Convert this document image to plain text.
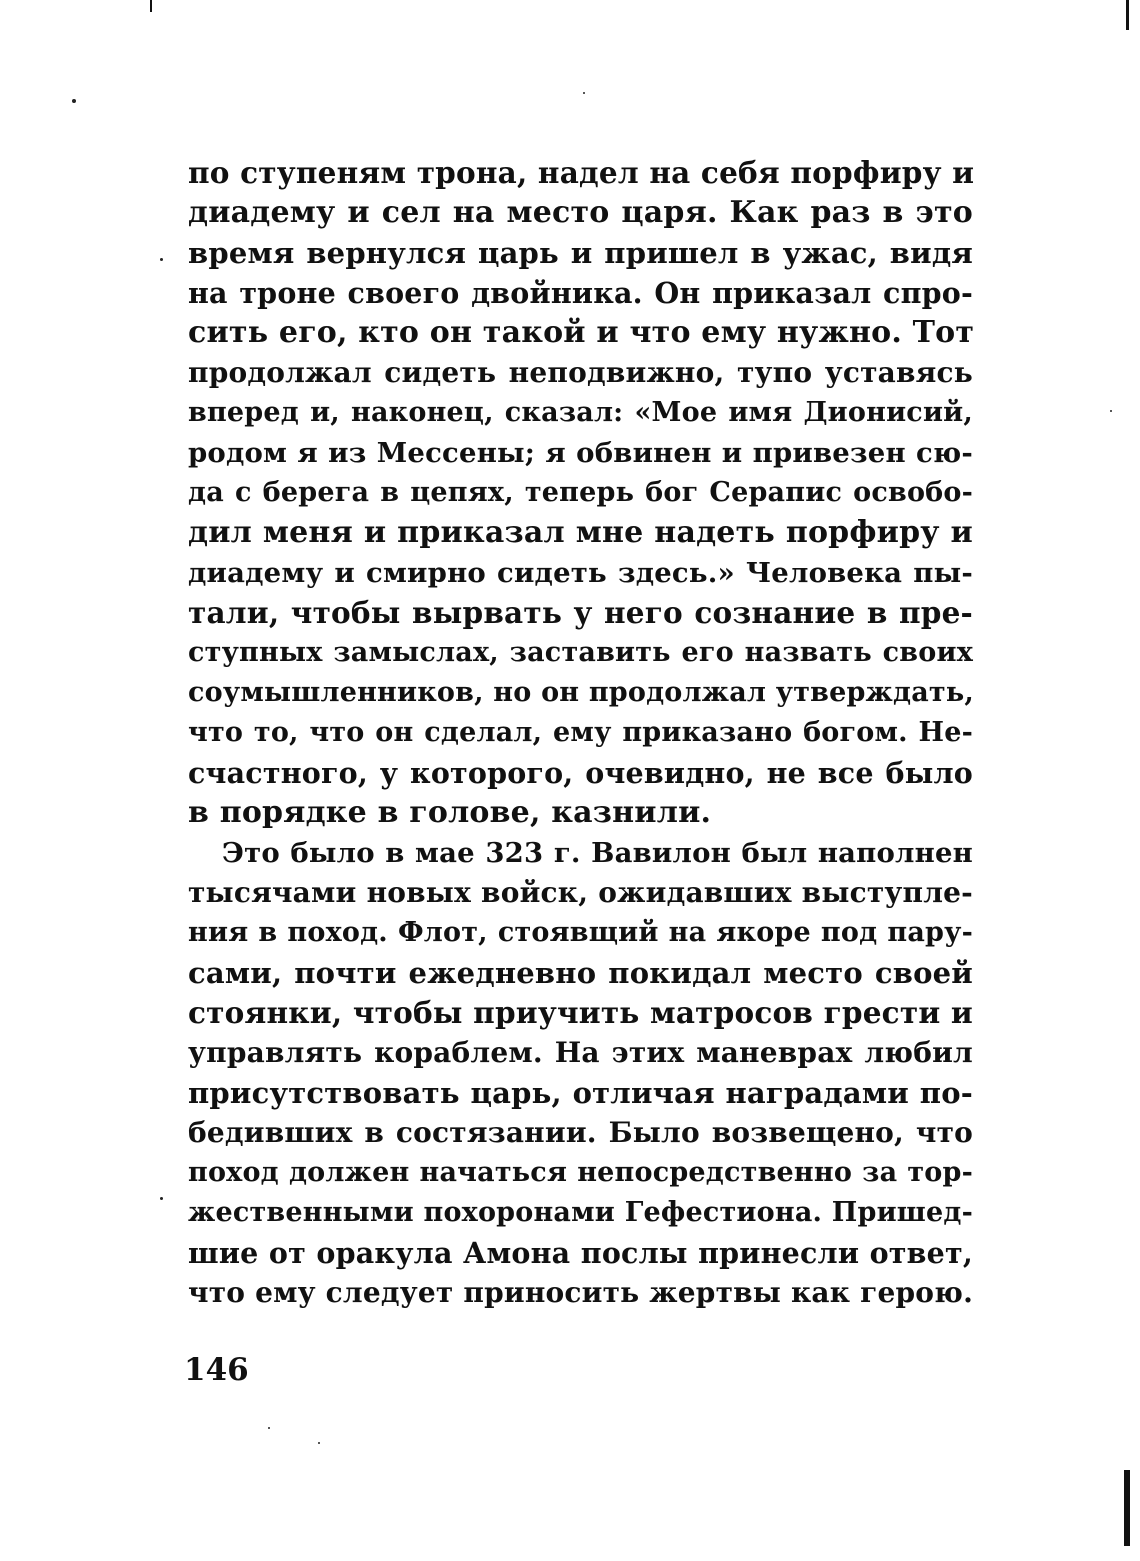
по ступеням трона, надел на себя порфиру и
диадему и сел на место царя. Как раз в это
время вернулся царь и пришел в ужас, видя
на троне своего двойника. Он приказал спро-
сить его, кто он такой и что ему нужно. Тот
продолжал сидеть неподвижно, тупо уставясь
вперед и, наконец, сказал: «Мое имя Дионисий,
родом я из Мессены; я обвинен и привезен сю-
да с берега в цепях, теперь бог Серапис освобо-
дил меня и приказал мне надеть порфиру и
диадему и смирно сидеть здесь.» Человека пы-
тали, чтобы вырвать у него сознание в пре-
ступных замыслах, заставить его назвать своих
соумышленников, но он продолжал утверждать,
что то, что он сделал, ему приказано богом. Не-
счастного, у которого, очевидно, не все было
в порядке в голове, казнили.
Это было в мае 323 г. Вавилон был наполнен
тысячами новых войск, ожидавших выступле-
ния в поход. Флот, стоявщий на якоре под пару-
сами, почти ежедневно покидал место своей
стоянки, чтобы приучить матросов грести и
управлять кораблем. На этих маневрах любил
присутствовать царь, отличая наградами по-
бедивших в состязании. Было возвещено, что
поход должен начаться непосредственно за тор-
жественными похоронами Гефестиона. Пришед-
шие от оракула Амона послы принесли ответ,
что ему следует приносить жертвы как герою.
146
